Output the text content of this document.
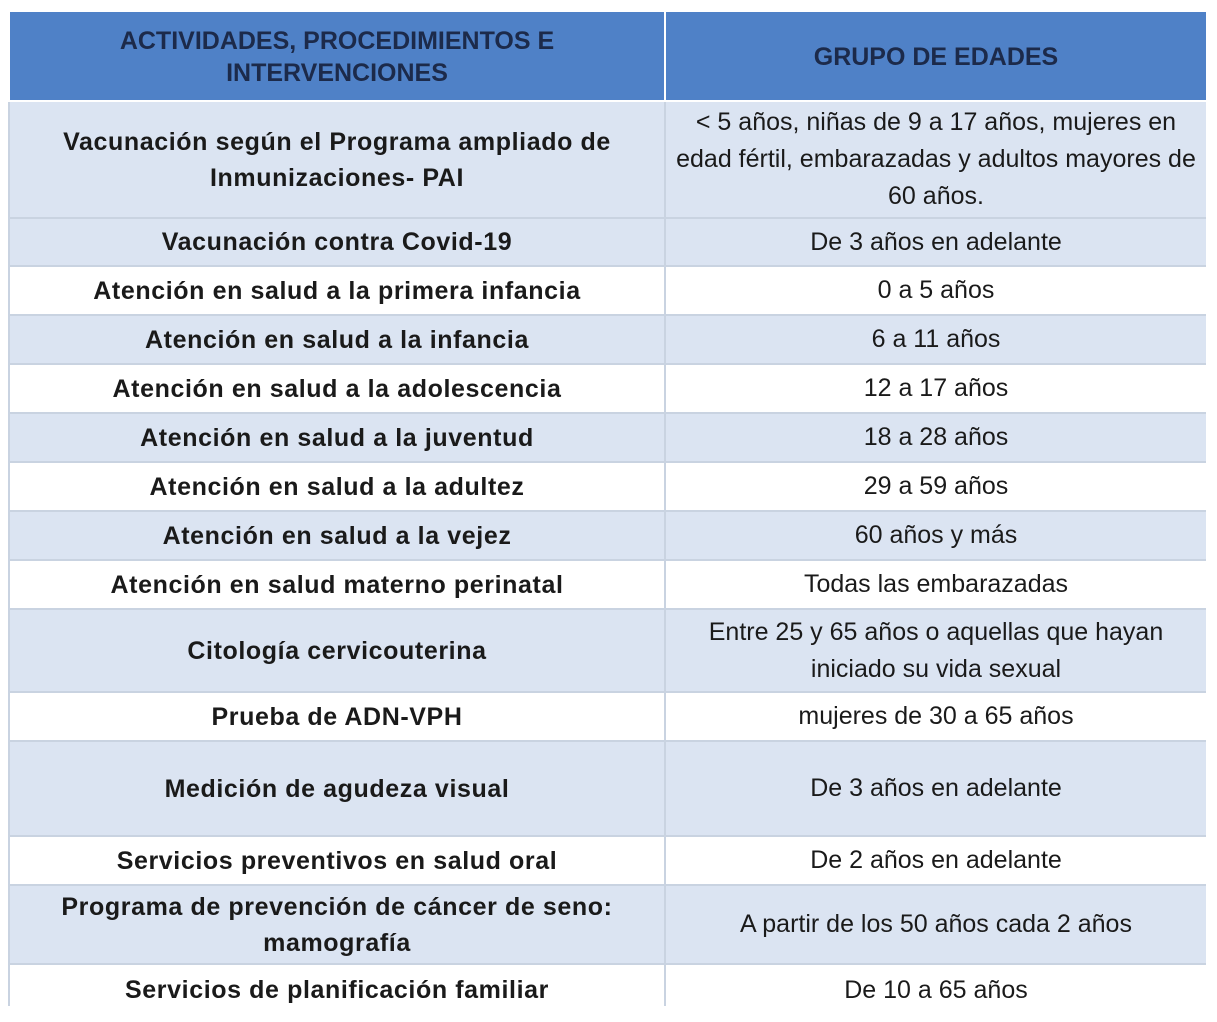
ACTIVIDADES, PROCEDIMIENTOS E INTERVENCIONES	GRUPO DE EDADES
Vacunación según el Programa ampliado de Inmunizaciones- PAI	< 5 años, niñas de 9 a 17 años, mujeres en edad fértil, embarazadas y adultos mayores de 60 años.
Vacunación contra Covid-19	De 3 años en adelante
Atención en salud a la primera infancia	0 a 5 años
Atención en salud a la infancia	6 a 11 años
Atención en salud a la adolescencia	12 a 17 años
Atención en salud a la juventud	18 a 28 años
Atención en salud a la adultez	29 a 59 años
Atención en salud a la vejez	60 años y más
Atención en salud materno perinatal	Todas las embarazadas
Citología cervicouterina	Entre 25 y 65 años o aquellas que hayan iniciado su vida sexual
Prueba de ADN-VPH	mujeres de 30 a 65 años
Medición de agudeza visual	De 3 años en adelante
Servicios preventivos en salud oral	De 2 años en adelante
Programa de prevención de cáncer de seno: mamografía	A partir de los 50 años cada 2 años
Servicios de planificación familiar	De 10 a 65 años
